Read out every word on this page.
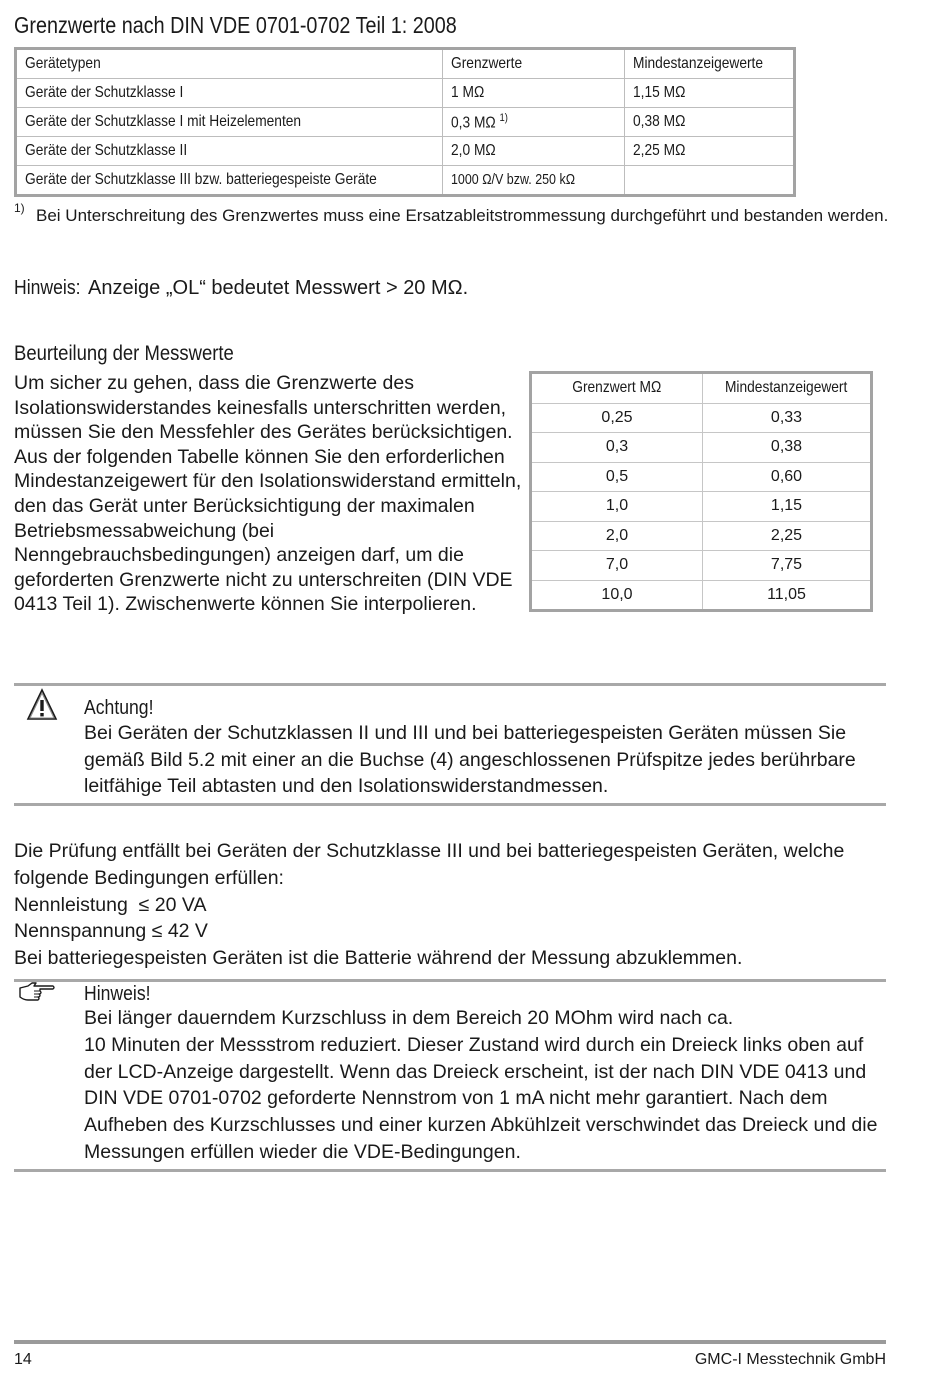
Grenzwerte nach DIN VDE 0701-0702 Teil 1: 2008
Gerätetypen	Grenzwerte	Mindestanzeigewerte
Geräte der Schutzklasse I	1 MΩ	1,15 MΩ
Geräte der Schutzklasse I mit Heizelementen	0,3 MΩ $^{1)}$	0,38 MΩ
Geräte der Schutzklasse II	2,0 MΩ	2,25 MΩ
Geräte der Schutzklasse III bzw. batteriegespeiste Geräte	1000 Ω/V bzw. 250 kΩ	
1) Bei Unterschreitung des Grenzwertes muss eine Ersatzableitstrommessung durchgeführt und bestanden werden.
Hinweis: Anzeige „OL“ bedeutet Messwert > 20 MΩ.
Beurteilung der Messwerte
Um sicher zu gehen, dass die Grenzwerte des Isolationswiderstandes keinesfalls unterschritten werden, müssen Sie den Messfehler des Gerätes berücksichtigen. Aus der folgenden Tabelle können Sie den erforderlichen Mindestanzeigewert für den Isolationswiderstand ermitteln, den das Gerät unter Berücksichtigung der maximalen Betriebsmessabweichung (bei Nenngebrauchsbedingungen) anzeigen darf, um die geforderten Grenzwerte nicht zu unterschreiten (DIN VDE 0413 Teil 1). Zwischenwerte können Sie interpolieren.
Grenzwert MΩ	Mindestanzeigewert
0,25	0,33
0,3	0,38
0,5	0,60
1,0	1,15
2,0	2,25
7,0	7,75
10,0	11,05
Achtung!
Bei Geräten der Schutzklassen II und III und bei batteriegespeisten Geräten müssen Sie gemäß Bild 5.2 mit einer an die Buchse (4) angeschlossenen Prüfspitze jedes berührbare leitfähige Teil abtasten und den Isolationswiderstandmessen.
Die Prüfung entfällt bei Geräten der Schutzklasse III und bei batteriegespeisten Geräten, welche folgende Bedingungen erfüllen:
Nennleistung  ≤ 20 VA
Nennspannung ≤ 42 V
Bei batteriegespeisten Geräten ist die Batterie während der Messung abzuklemmen.
Hinweis!
Bei länger dauerndem Kurzschluss in dem Bereich 20 MOhm wird nach ca.
10 Minuten der Messstrom reduziert. Dieser Zustand wird durch ein Dreieck links oben auf der LCD-Anzeige dargestellt. Wenn das Dreieck erscheint, ist der nach DIN VDE 0413 und DIN VDE 0701-0702 geforderte Nennstrom von 1 mA nicht mehr garantiert. Nach dem Aufheben des Kurzschlusses und einer kurzen Abkühlzeit verschwindet das Dreieck und die Messungen erfüllen wieder die VDE-Bedingungen.
14	GMC-I Messtechnik GmbH
